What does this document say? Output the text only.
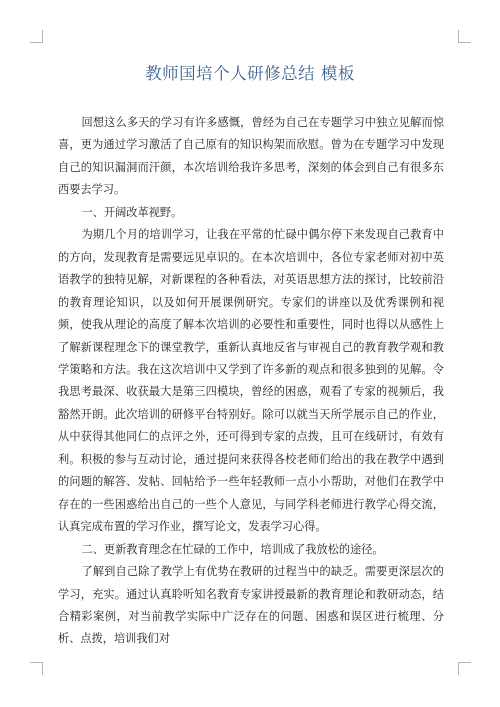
教师国培个人研修总结 模板

回想这么多天的学习有许多感慨，曾经为自己在专题学习中独立见解而惊喜，更为通过学习激活了自己原有的知识构架而欣慰。曾为在专题学习中发现自己的知识漏洞而汗颜，本次培训给我许多思考，深刻的体会到自己有很多东西要去学习。

一、开阔改革视野。

为期几个月的培训学习，让我在平常的忙碌中偶尔停下来发现自己教育中的方向，发现教育是需要远见卓识的。在本次培训中，各位专家老师对初中英语教学的独特见解，对新课程的各种看法，对英语思想方法的探讨，比较前沿的教育理论知识，以及如何开展课例研究。专家们的讲座以及优秀课例和视频，使我从理论的高度了解本次培训的必要性和重要性，同时也得以从感性上了解新课程理念下的课堂教学，重新认真地反省与审视自己的教育教学观和教学策略和方法。我在这次培训中又学到了许多新的观点和很多独到的见解。令我思考最深、收获最大是第三四模块，曾经的困惑，观看了专家的视频后，我豁然开朗。此次培训的研修平台特别好。除可以就当天所学展示自己的作业，从中获得其他同仁的点评之外，还可得到专家的点拨，且可在线研讨，有效有利。积极的参与互动讨论，通过提问来获得各校老师们给出的我在教学中遇到的问题的解答、发帖、回帖给予一些年轻教师一点小小帮助，对他们在教学中存在的一些困惑给出自己的一些个人意见，与同学科老师进行教学心得交流，认真完成布置的学习作业，撰写论文，发表学习心得。

二、更新教育理念在忙碌的工作中，培训成了我放松的途径。

了解到自己除了教学上有优势在教研的过程当中的缺乏。需要更深层次的学习，充实。通过认真聆听知名教育专家讲授最新的教育理论和教研动态，结合精彩案例，对当前教学实际中广泛存在的问题、困惑和误区进行梳理、分析、点拨，培训我们对
